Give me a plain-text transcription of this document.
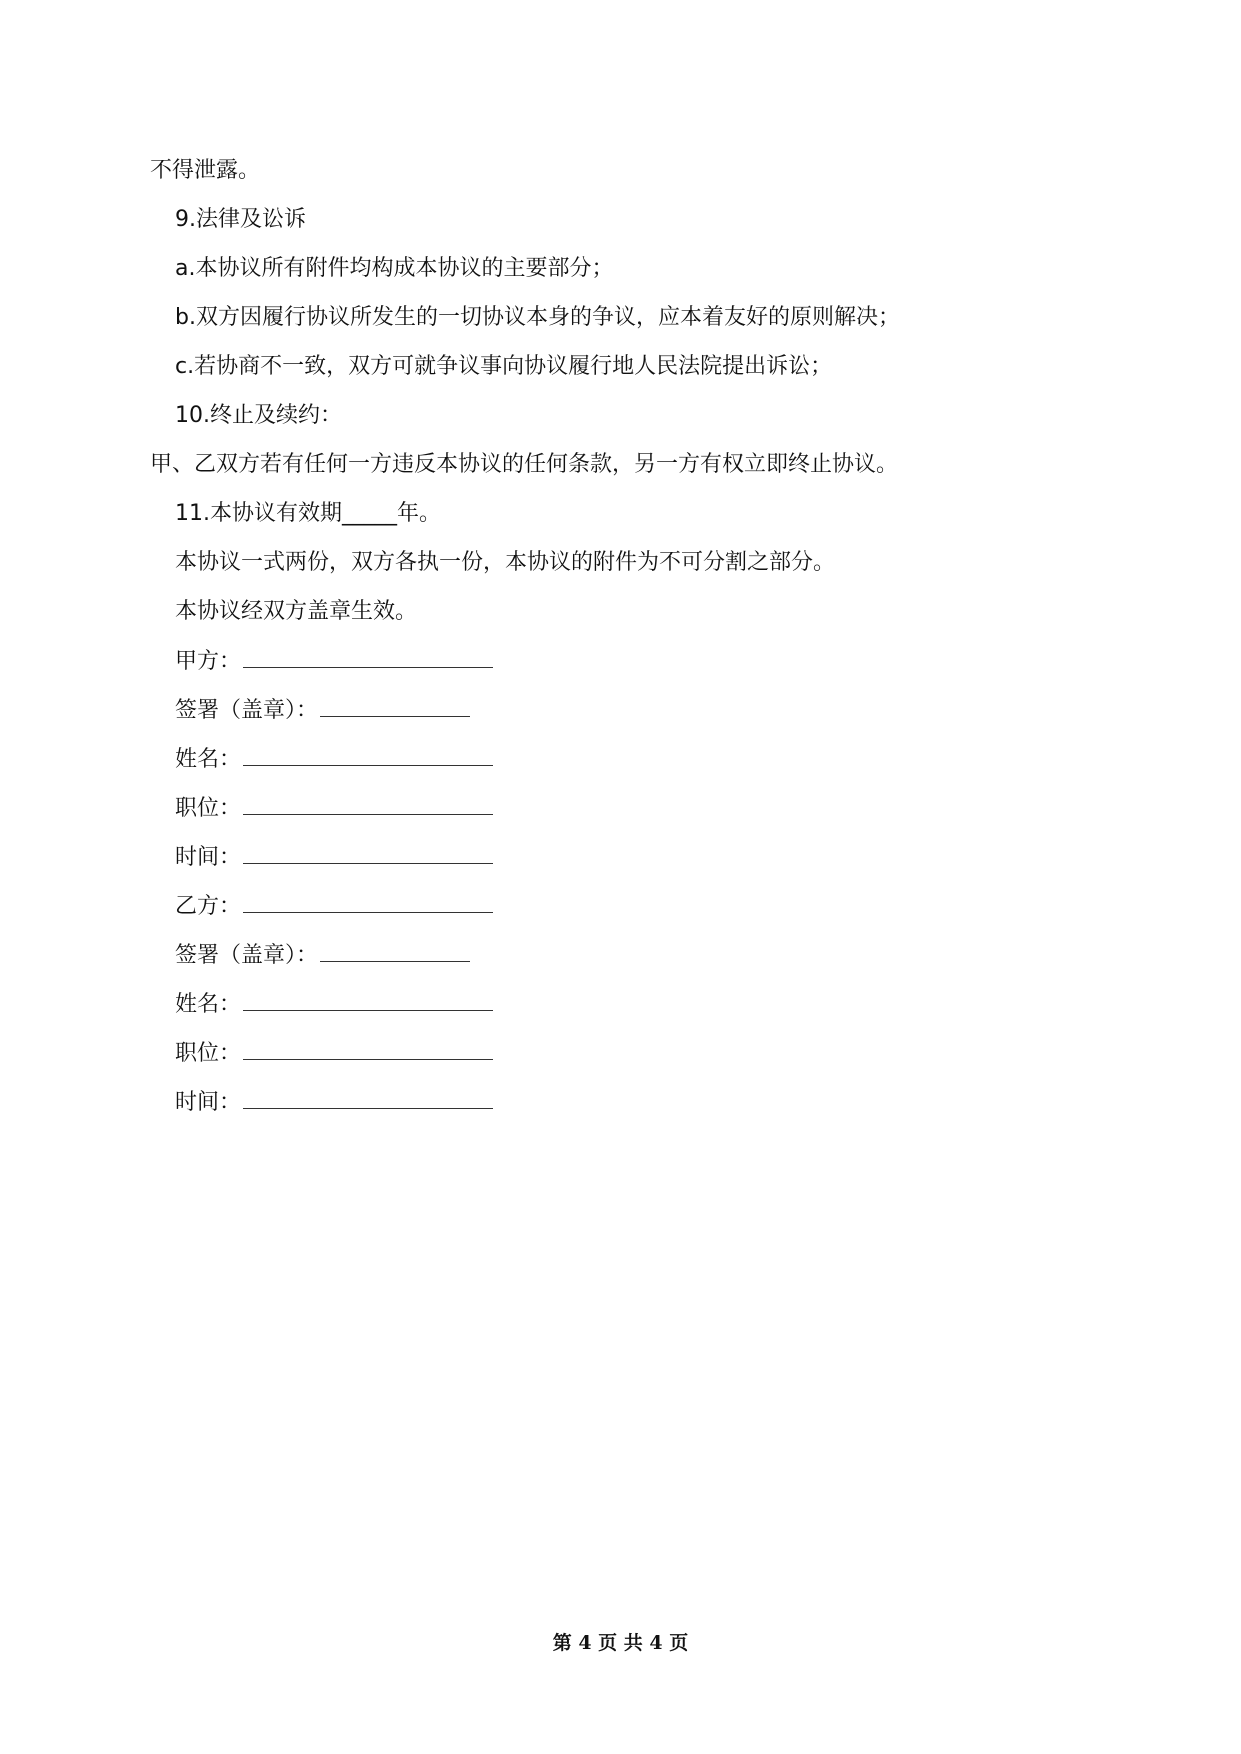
不得泄露。
9.法律及讼诉
a.本协议所有附件均构成本协议的主要部分；
b.双方因履行协议所发生的一切协议本身的争议，应本着友好的原则解决；
c.若协商不一致，双方可就争议事向协议履行地人民法院提出诉讼；
10.终止及续约：
甲、乙双方若有任何一方违反本协议的任何条款，另一方有权立即终止协议。
11.本协议有效期_____年。
本协议一式两份，双方各执一份，本协议的附件为不可分割之部分。
本协议经双方盖章生效。
甲方：
签署（盖章）：
姓名：
职位：
时间：
乙方：
签署（盖章）：
姓名：
职位：
时间：
第 4 页 共 4 页
